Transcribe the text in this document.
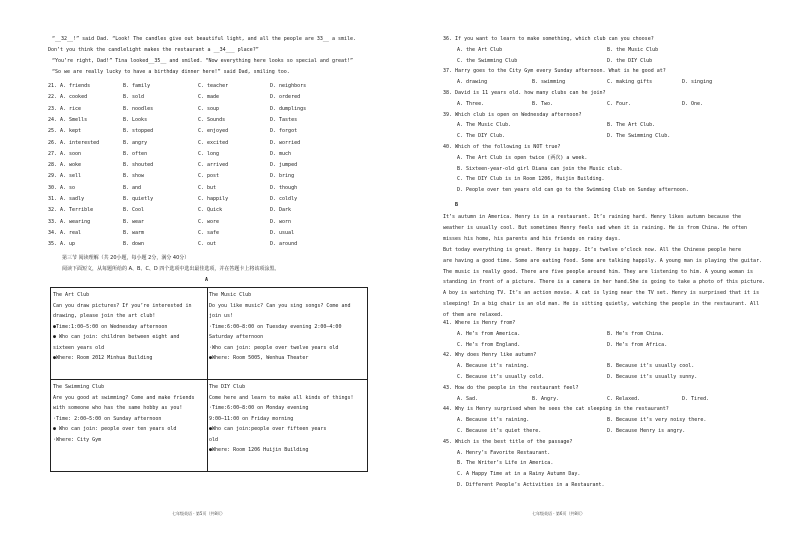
“__32__!” said Dad. “Look! The candles give out beautiful light, and all the people are 33__ a smile.
Don’t you think the candlelight makes the restaurant a __34___ place?”
“You’re right, Dad!” Tina looked__35__ and smiled. “Now everything here looks so special and great!”
“So we are really lucky to have a birthday dinner here!” said Dad, smiling too.
21. A. friends	B. family	C. teacher	D. neighbors
22. A. cooked	B. sold	C. made	D. ordered
23. A. rice	B. noodles	C. soup	D. dumplings
24. A. Smells	B. Looks	C. Sounds	D. Tastes
25. A. kept	B. stopped	C. enjoyed	D. forgot
26. A. interested	B. angry	C. excited	D. worried
27. A. soon	B. often	C. long	D. much
28. A. woke	B. shouted	C. arrived	D. jumped
29. A. sell	B. show	C. post	D. bring
30. A. so	B. and	C. but	D. though
31. A. sadly	B. quietly	C. happily	D. coldly
32. A. Terrible	B. Cool	C. Quick	D. Dark
33. A. wearing	B. wear	C. wore	D. worn
34. A. real	B. warm	C. safe	D. usual
35. A. up	B. down	C. out	D. around
第三节 阅读理解（共 20小题，每小题 2分，满分 40分）
阅读下面短文，从每题所给的 A、B、C、D 四个选项中选出最佳选项，并在答题卡上将该项涂黑。
A
The Art Club
Can you draw pictures? If you’re interested in
drawing, please join the art club!
●Time:1:00—5:00 on Wednesday afternoon
● Who can join: children between eight and
sixteen years old
●Where: Room 2012 Minhua Building
The Music Club
Do you like music? Can you sing songs? Come and
join us!
·Time:6:00—8:00 on Tuesday evening 2:00—4:00
Saturday afternoon
·Who can join: people over twelve years old
●Where: Room 5005, Wenhua Theater
The Swimming Club
Are you good at swimming? Come and make friends
with someone who has the same hobby as you!
·Time: 2:00—5:00 on Sunday afternoon
● Who can join: people over ten years old
·Where: City Gym
The DIY Club
Come here and learn to make all kinds of things!
·Time:6:00—8:00 on Monday evening
9:00—11:00 on Friday morning
●Who can join:people over fifteen years
old
●Where: Room 1206 Huijin Building
七年级英语 · 第5页（共8页）
36. If you want to learn to make something, which club can you choose?
A. the Art Club	B. the Music Club
C. the Swimming Club	D. the DIY Club
37. Harry goes to the City Gym every Sunday afternoon. What is he good at?
A. drawing	B. swimming	C. making gifts	D. singing
38. David is 11 years old. how many clubs can he join?
A. Three.	B. Two.	C. Four.	D. One.
39. Which club is open on Wednesday afternoon?
A. The Music Club.	B. The Art Club.
C. The DIY Club.	D. The Swimming Club.
40. Which of the following is NOT true?
A. The Art Club is open twice (两次) a week.
B. Sixteen-year-old girl Diana can join the Music club.
C. The DIY Club is in Room 1206, Huijin Building.
D. People over ten years old can go to the Swimming Club on Sunday afternoon.
B
It’s autumn in America. Henry is in a restaurant. It’s raining hard. Henry likes autumn because the
weather is usually cool. But sometimes Henry feels sad when it is raining. He is from China. He often
misses his home, his parents and his friends on rainy days.
But today everything is great. Henry is happy. It’s twelve o’clock now. All the Chinese people here
are having a good time. Some are eating food. Some are talking happily. A young man is playing the guitar.
The music is really good. There are five people around him. They are listening to him. A young woman is
standing in front of a picture. There is a camera in her hand.She is going to take a photo of this picture.
A boy is watching TV. It’s an action movie. A cat is lying near the TV set. Henry is surprised that it is
sleeping! In a big chair is an old man. He is sitting quietly, watching the people in the restaurant. All
of them are relaxed.
41. Where is Henry from?
A. He’s from America.	B. He’s from China.
C. He’s from England.	D. He’s from Africa.
42. Why does Henry like autumn?
A. Because it’s raining.	B. Because it’s usually cool.
C. Because it’s usually cold.	D. Because it’s usually sunny.
43. How do the people in the restaurant feel?
A. Sad.	B. Angry.	C. Relaxed.	D. Tired.
44. Why is Henry surprised when he sees the cat sleeping in the restaurant?
A. Because it’s raining.	B. Because it’s very noisy there.
C. Because it’s quiet there.	D. Because Henry is angry.
45. Which is the best title of the passage?
A. Henry’s Favorite Restaurant.
B. The Writer’s Life in America.
C. A Happy Time at in a Rainy Autumn Day.
D. Different People’s Activities in a Restaurant.
七年级英语 · 第6页（共8页）
